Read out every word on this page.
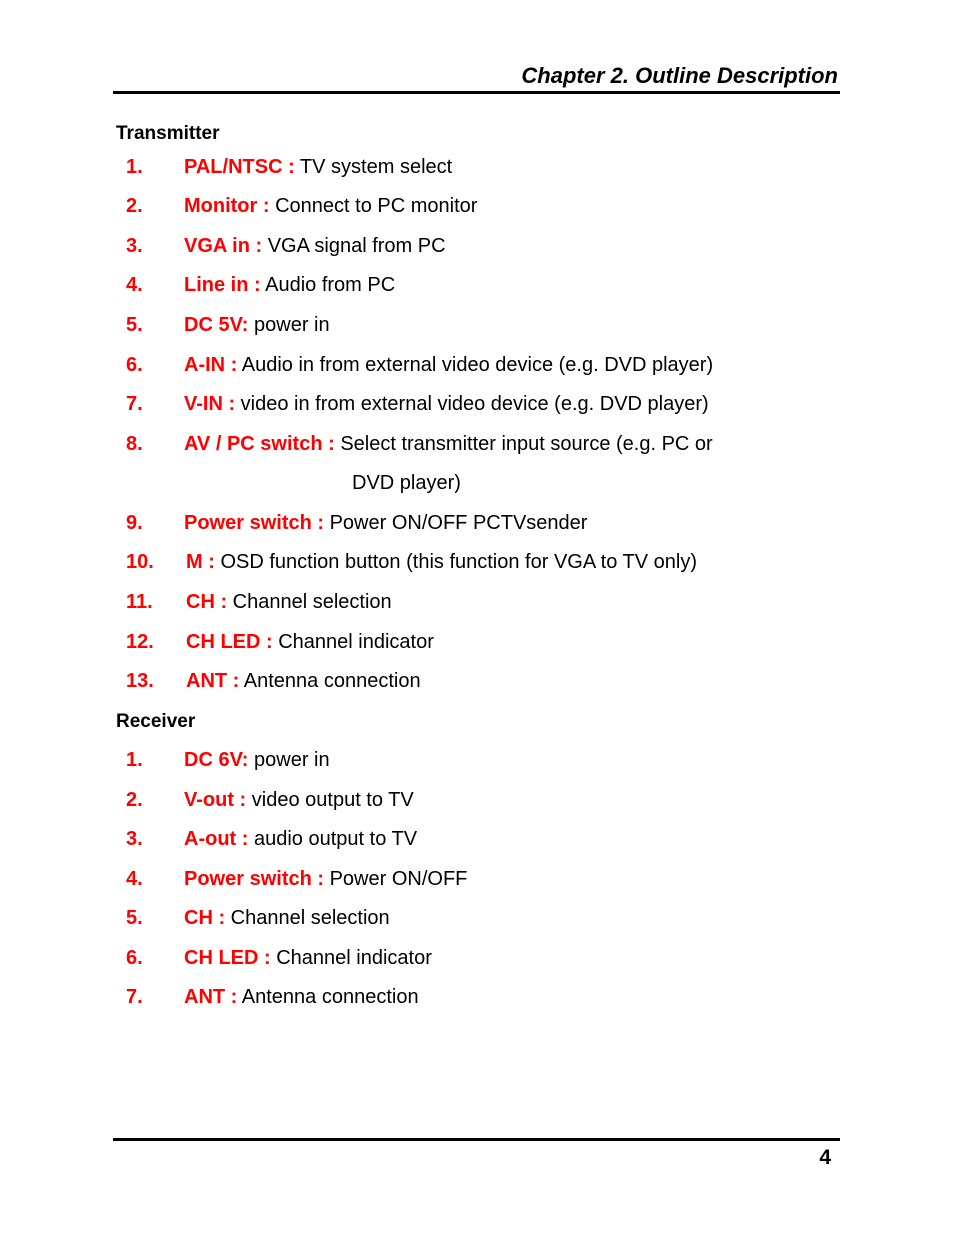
Chapter 2. Outline Description
Transmitter
1. PAL/NTSC : TV system select
2. Monitor : Connect to PC monitor
3. VGA in : VGA signal from PC
4. Line in : Audio from PC
5. DC 5V: power in
6. A-IN : Audio in from external video device (e.g. DVD player)
7. V-IN : video in from external video device (e.g. DVD player)
8. AV / PC switch : Select transmitter input source (e.g. PC or
DVD player)
9. Power switch : Power ON/OFF PCTVsender
10. M : OSD function button (this function for VGA to TV only)
11. CH : Channel selection
12. CH LED : Channel indicator
13. ANT : Antenna connection
Receiver
1. DC 6V: power in
2. V-out : video output to TV
3. A-out : audio output to TV
4. Power switch : Power ON/OFF
5. CH : Channel selection
6. CH LED : Channel indicator
7. ANT : Antenna connection
4
